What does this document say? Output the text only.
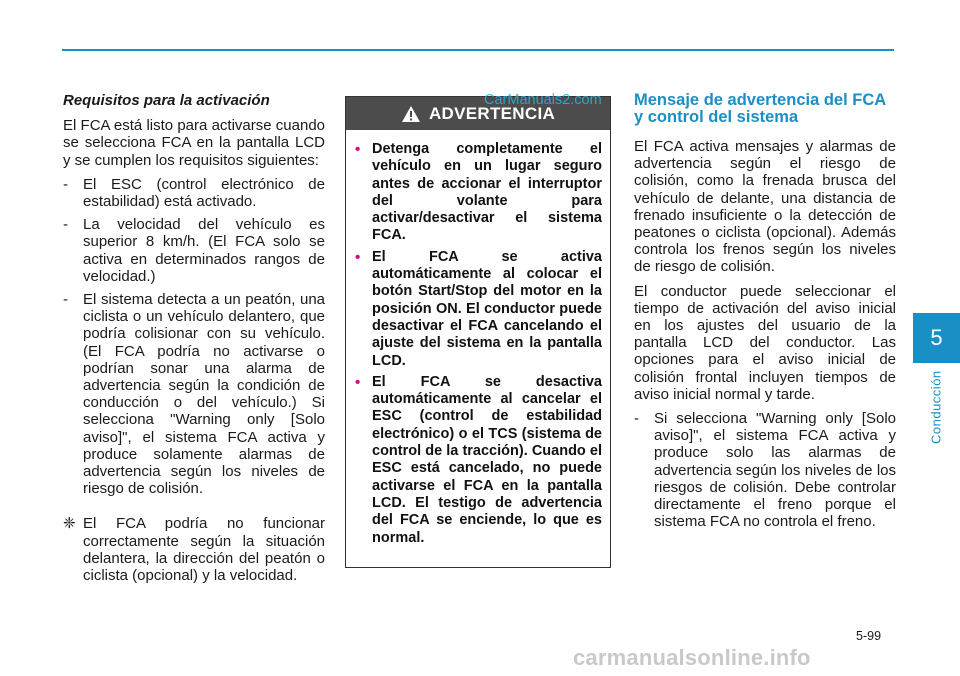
5
Conducción

Requisitos para la activación

El FCA está listo para activarse cuando se selecciona FCA en la pantalla LCD y se cumplen los requisitos siguientes:

-	El ESC (control electrónico de estabilidad) está activado.
-	La velocidad del vehículo es superior 8 km/h. (El FCA solo se activa en determinados rangos de velocidad.)
-	El sistema detecta a un peatón, una ciclista o un vehículo delantero, que podría colisionar con su vehículo. (El FCA podría no activarse o podrían sonar una alarma de advertencia según la condición de conducción o del vehículo.) Si selecciona "Warning only [Solo aviso]", el sistema FCA activa y produce solamente alarmas de advertencia según los niveles de riesgo de colisión.
❈ El FCA podría no funcionar correctamente según la situación delantera, la dirección del peatón o ciclista (opcional) y la velocidad.
ADVERTENCIA
• Detenga completamente el vehículo en un lugar seguro antes de accionar el interruptor del volante para activar/desactivar el sistema FCA.
• El FCA se activa automáticamente al colocar el botón Start/Stop del motor en la posición ON. El conductor puede desactivar el FCA cancelando el ajuste del sistema en la pantalla LCD.
• El FCA se desactiva automáticamente al cancelar el ESC (control de estabilidad electrónico) o el TCS (sistema de control de la tracción). Cuando el ESC está cancelado, no puede activarse el FCA en la pantalla LCD. El testigo de advertencia del FCA se enciende, lo que es normal.

Mensaje de advertencia del FCA y control del sistema

El FCA activa mensajes y alarmas de advertencia según el riesgo de colisión, como la frenada brusca del vehículo de delante, una distancia de frenado insuficiente o la detección de peatones o ciclista (opcional). Además controla los frenos según los niveles de riesgo de colisión.

El conductor puede seleccionar el tiempo de activación del aviso inicial en los ajustes del usuario de la pantalla LCD del conductor. Las opciones para el aviso inicial de colisión frontal incluyen tiempos de aviso inicial normal y tarde.

-	Si selecciona "Warning only [Solo aviso]", el sistema FCA activa y produce solo las alarmas de advertencia según los niveles de los riesgos de colisión. Debe controlar directamente el freno porque el sistema FCA no controla el freno.
5-99
CarManuals2.com
carmanualsonline.info
